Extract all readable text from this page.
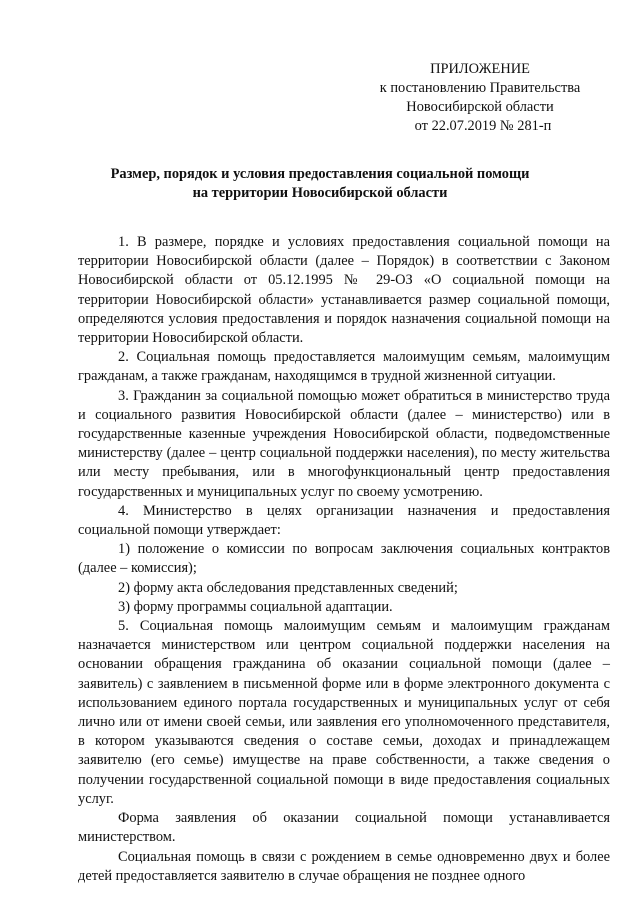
ПРИЛОЖЕНИЕ
к постановлению Правительства
Новосибирской области
от 22.07.2019 № 281-п
Размер, порядок и условия предоставления социальной помощи
на территории Новосибирской области

1. В размере, порядке и условиях предоставления социальной помощи на территории Новосибирской области (далее – Порядок) в соответствии с Законом Новосибирской области от 05.12.1995 № 29-ОЗ «О социальной помощи на территории Новосибирской области» устанавливается размер социальной помощи, определяются условия предоставления и порядок назначения социальной помощи на территории Новосибирской области.

2. Социальная помощь предоставляется малоимущим семьям, малоимущим гражданам, а также гражданам, находящимся в трудной жизненной ситуации.

3. Гражданин за социальной помощью может обратиться в министерство труда и социального развития Новосибирской области (далее – министерство) или в государственные казенные учреждения Новосибирской области, подведомственные министерству (далее – центр социальной поддержки населения), по месту жительства или месту пребывания, или в многофункциональный центр предоставления государственных и муниципальных услуг по своему усмотрению.

4. Министерство в целях организации назначения и предоставления социальной помощи утверждает:

1) положение о комиссии по вопросам заключения социальных контрактов (далее – комиссия);

2) форму акта обследования представленных сведений;

3) форму программы социальной адаптации.

5. Социальная помощь малоимущим семьям и малоимущим гражданам назначается министерством или центром социальной поддержки населения на основании обращения гражданина об оказании социальной помощи (далее – заявитель) с заявлением в письменной форме или в форме электронного документа с использованием единого портала государственных и муниципальных услуг от себя лично или от имени своей семьи, или заявления его уполномоченного представителя, в котором указываются сведения о составе семьи, доходах и принадлежащем заявителю (его семье) имуществе на праве собственности, а также сведения о получении государственной социальной помощи в виде предоставления социальных услуг.

Форма заявления об оказании социальной помощи устанавливается министерством.

Социальная помощь в связи с рождением в семье одновременно двух и более детей предоставляется заявителю в случае обращения не позднее одного
